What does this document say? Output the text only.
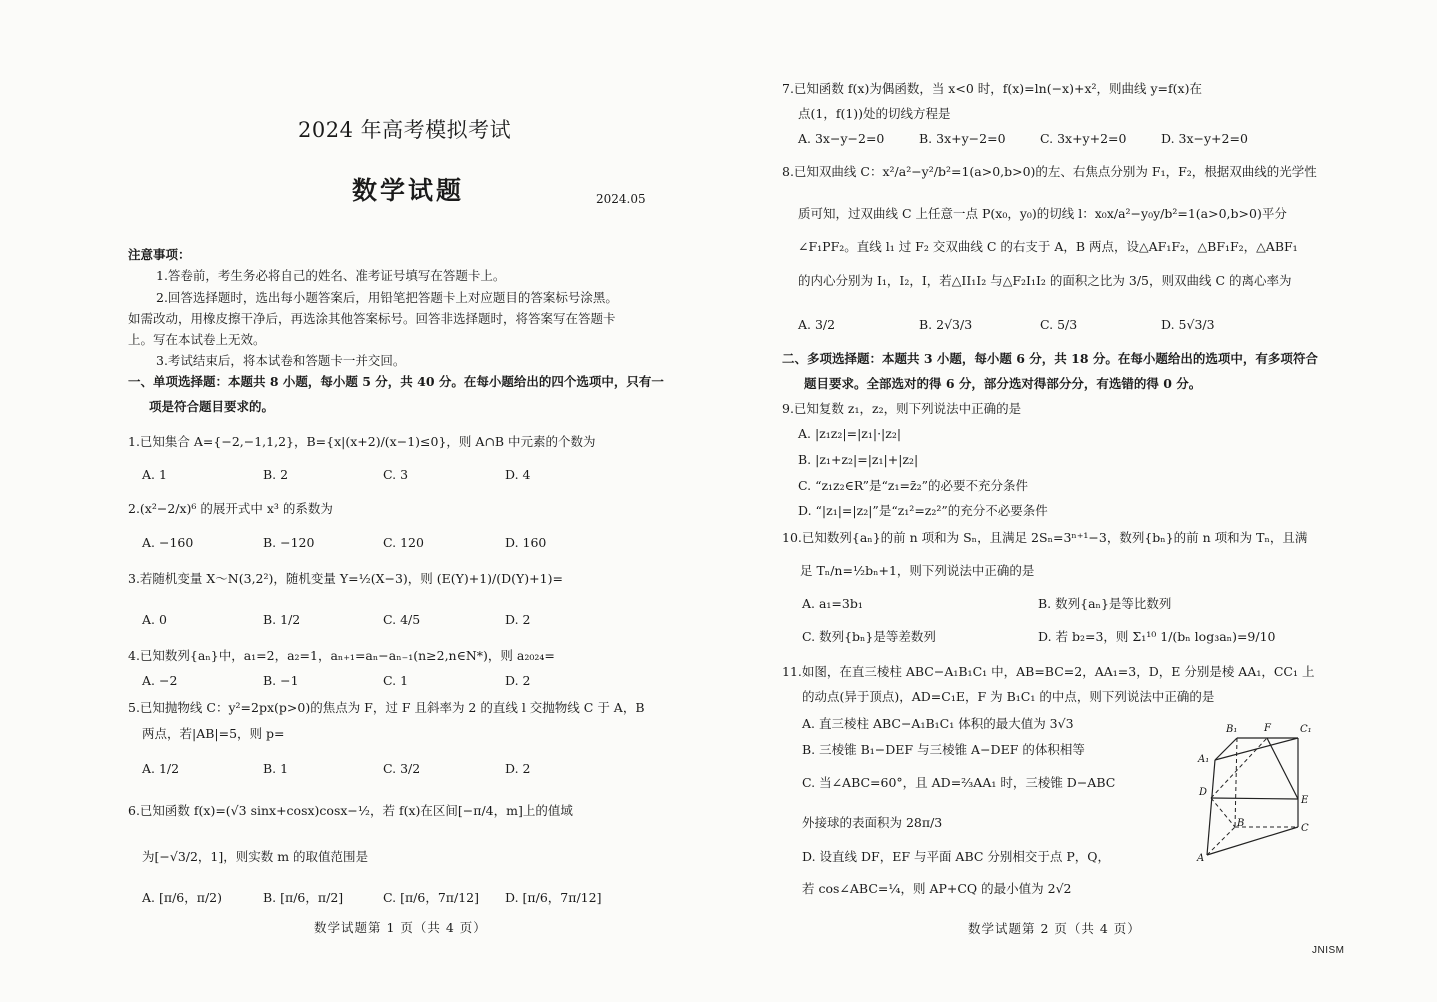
2024 年高考模拟考试
数学试题	2024.05
注意事项：
1.答卷前，考生务必将自己的姓名、准考证号填写在答题卡上。
2.回答选择题时，选出每小题答案后，用铅笔把答题卡上对应题目的答案标号涂黑。
如需改动，用橡皮擦干净后，再选涂其他答案标号。回答非选择题时，将答案写在答题卡
上。写在本试卷上无效。
3.考试结束后，将本试卷和答题卡一并交回。
一、单项选择题：本题共 8 小题，每小题 5 分，共 40 分。在每小题给出的四个选项中，只有一
项是符合题目要求的。
1.已知集合 A={−2,−1,1,2}，B={x|(x+2)/(x−1)≤0}，则 A∩B 中元素的个数为
A. 1	B. 2	C. 3	D. 4
2.(x²−2/x)⁶ 的展开式中 x³ 的系数为
A. −160	B. −120	C. 120	D. 160
3.若随机变量 X～N(3,2²)，随机变量 Y=½(X−3)，则 (E(Y)+1)/(D(Y)+1)=
A. 0	B. 1/2	C. 4/5	D. 2
4.已知数列{aₙ}中，a₁=2，a₂=1，aₙ₊₁=aₙ−aₙ₋₁(n≥2,n∈N*)，则 a₂₀₂₄=
A. −2	B. −1	C. 1	D. 2
5.已知抛物线 C：y²=2px(p>0)的焦点为 F，过 F 且斜率为 2 的直线 l 交抛物线 C 于 A，B
两点，若|AB|=5，则 p=
A. 1/2	B. 1	C. 3/2	D. 2
6.已知函数 f(x)=(√3 sinx+cosx)cosx−½，若 f(x)在区间[−π/4，m]上的值域
为[−√3/2，1]，则实数 m 的取值范围是
A. [π/6，π/2)	B. [π/6，π/2]	C. [π/6，7π/12] D. [π/6，7π/12]
数学试题第 1 页（共 4 页）
7.已知函数 f(x)为偶函数，当 x<0 时，f(x)=ln(−x)+x²，则曲线 y=f(x)在
点(1，f(1))处的切线方程是
A. 3x−y−2=0	B. 3x+y−2=0	C. 3x+y+2=0	D. 3x−y+2=0
8.已知双曲线 C：x²/a²−y²/b²=1(a>0,b>0)的左、右焦点分别为 F₁，F₂，根据双曲线的光学性
质可知，过双曲线 C 上任意一点 P(x₀，y₀)的切线 l：x₀x/a²−y₀y/b²=1(a>0,b>0)平分
∠F₁PF₂。直线 l₁ 过 F₂ 交双曲线 C 的右支于 A，B 两点，设△AF₁F₂，△BF₁F₂，△ABF₁
的内心分别为 I₁，I₂，I，若△II₁I₂ 与△F₂I₁I₂ 的面积之比为 3/5，则双曲线 C 的离心率为
A. 3/2	B. 2√3/3	C. 5/3	D. 5√3/3
二、多项选择题：本题共 3 小题，每小题 6 分，共 18 分。在每小题给出的选项中，有多项符合
题目要求。全部选对的得 6 分，部分选对得部分分，有选错的得 0 分。
9.已知复数 z₁，z₂，则下列说法中正确的是
A. |z₁z₂|=|z₁|·|z₂|
B. |z₁+z₂|=|z₁|+|z₂|
C. “z₁z₂∈R”是“z₁=z̄₂”的必要不充分条件
D. “|z₁|=|z₂|”是“z₁²=z₂²”的充分不必要条件
10.已知数列{aₙ}的前 n 项和为 Sₙ，且满足 2Sₙ=3ⁿ⁺¹−3，数列{bₙ}的前 n 项和为 Tₙ，且满
足 Tₙ/n=½bₙ+1，则下列说法中正确的是
A. a₁=3b₁	B. 数列{aₙ}是等比数列
C. 数列{bₙ}是等差数列	D. 若 b₂=3，则 Σ₁¹⁰ 1/(bₙ log₃aₙ)=9/10
11.如图，在直三棱柱 ABC−A₁B₁C₁ 中，AB=BC=2，AA₁=3，D，E 分别是棱 AA₁，CC₁ 上
的动点(异于顶点)，AD=C₁E，F 为 B₁C₁ 的中点，则下列说法中正确的是
A. 直三棱柱 ABC−A₁B₁C₁ 体积的最大值为 3√3
B. 三棱锥 B₁−DEF 与三棱锥 A−DEF 的体积相等
C. 当∠ABC=60°，且 AD=⅔AA₁ 时，三棱锥 D−ABC
外接球的表面积为 28π/3
D. 设直线 DF，EF 与平面 ABC 分别相交于点 P，Q，
若 cos∠ABC=¼，则 AP+CQ 的最小值为 2√2
B₁	F	C₁
A₁
D
E
B	C
A
数学试题第 2 页（共 4 页）
JNISM
